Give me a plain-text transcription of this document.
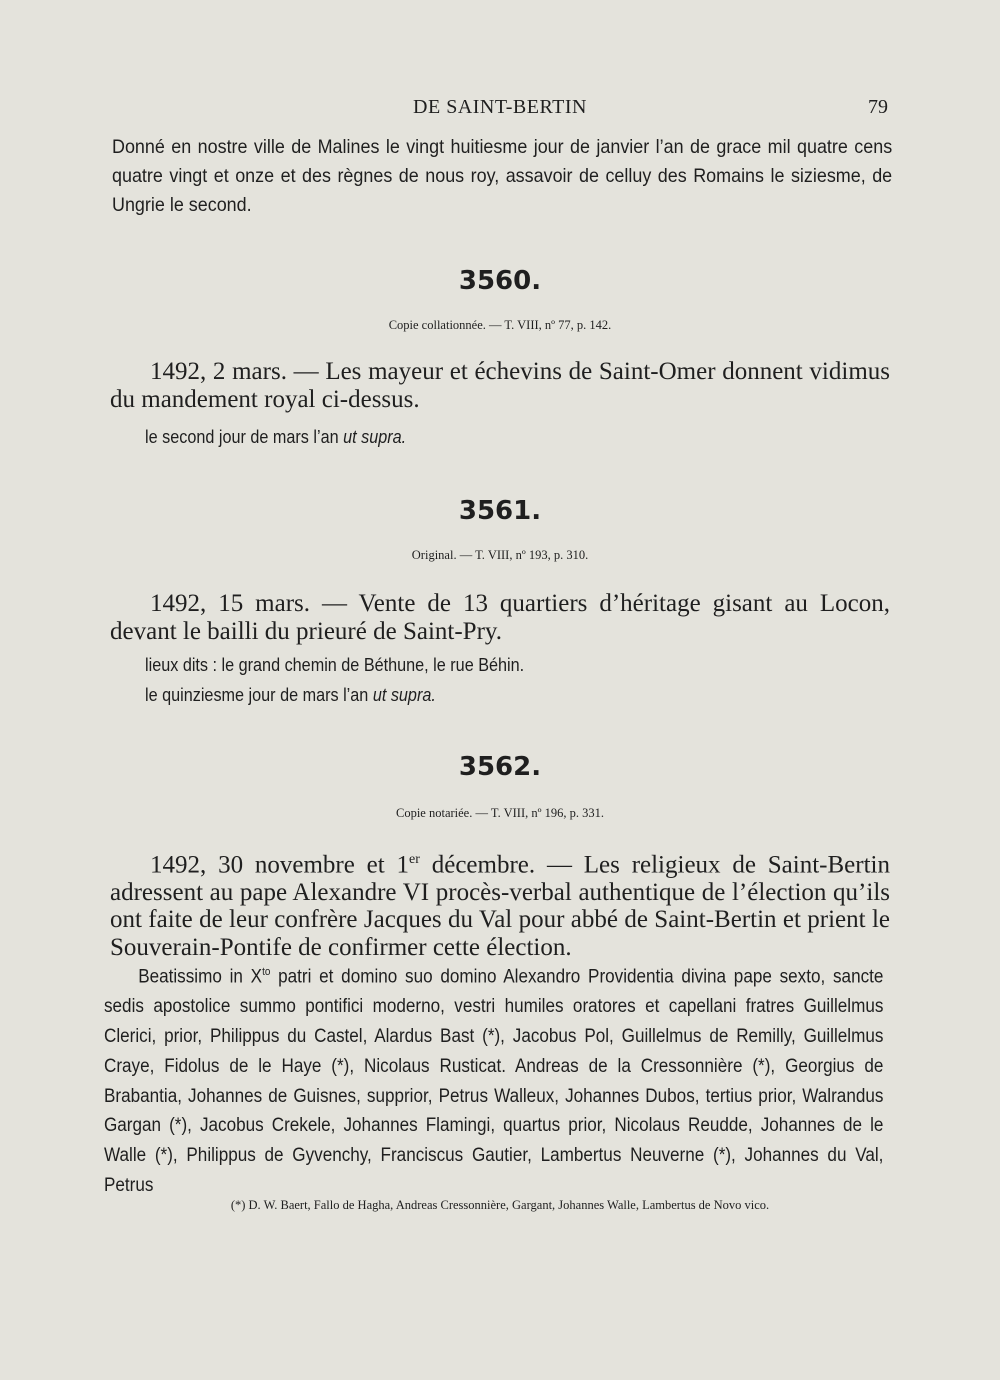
DE SAINT-BERTIN	79
Donné en nostre ville de Malines le vingt huitiesme jour de janvier l’an de grace mil quatre cens quatre vingt et onze et des règnes de nous roy, assavoir de celluy des Romains le siziesme, de Ungrie le second.
3560.
Copie collationnée. — T. VIII, nº 77, p. 142.
1492, 2 mars. — Les mayeur et échevins de Saint-Omer donnent vidimus du mandement royal ci-dessus.
le second jour de mars l’an ut supra.
3561.
Original. — T. VIII, nº 193, p. 310.
1492, 15 mars. — Vente de 13 quartiers d’héritage gisant au Locon, devant le bailli du prieuré de Saint-Pry.
lieux dits : le grand chemin de Béthune, le rue Béhin.
le quinziesme jour de mars l’an ut supra.
3562.
Copie notariée. — T. VIII, nº 196, p. 331.
1492, 30 novembre et 1er décembre. — Les religieux de Saint-Bertin adressent au pape Alexandre VI procès-verbal authentique de l’élection qu’ils ont faite de leur confrère Jacques du Val pour abbé de Saint-Bertin et prient le Souverain-Pontife de confirmer cette élection.
Beatissimo in $X^{to}$ patri et domino suo domino Alexandro Providentia divina pape sexto, sancte sedis apostolice summo pontifici moderno, vestri humiles oratores et capellani fratres Guillelmus Clerici, prior, Philippus du Castel, Alardus Bast (*), Jacobus Pol, Guillelmus de Remilly, Guillelmus Craye, Fidolus de le Haye (*), Nicolaus Rusticat. Andreas de la Cressonnière (*), Georgius de Brabantia, Johannes de Guisnes, supprior, Petrus Walleux, Johannes Dubos, tertius prior, Walrandus Gargan (*), Jacobus Crekele, Johannes Flamingi, quartus prior, Nicolaus Reudde, Johannes de le Walle (*), Philippus de Gyvenchy, Franciscus Gautier, Lambertus Neuverne (*), Johannes du Val, Petrus
(*) D. W. Baert, Fallo de Hagha, Andreas Cressonnière, Gargant, Johannes Walle, Lambertus de Novo vico.
